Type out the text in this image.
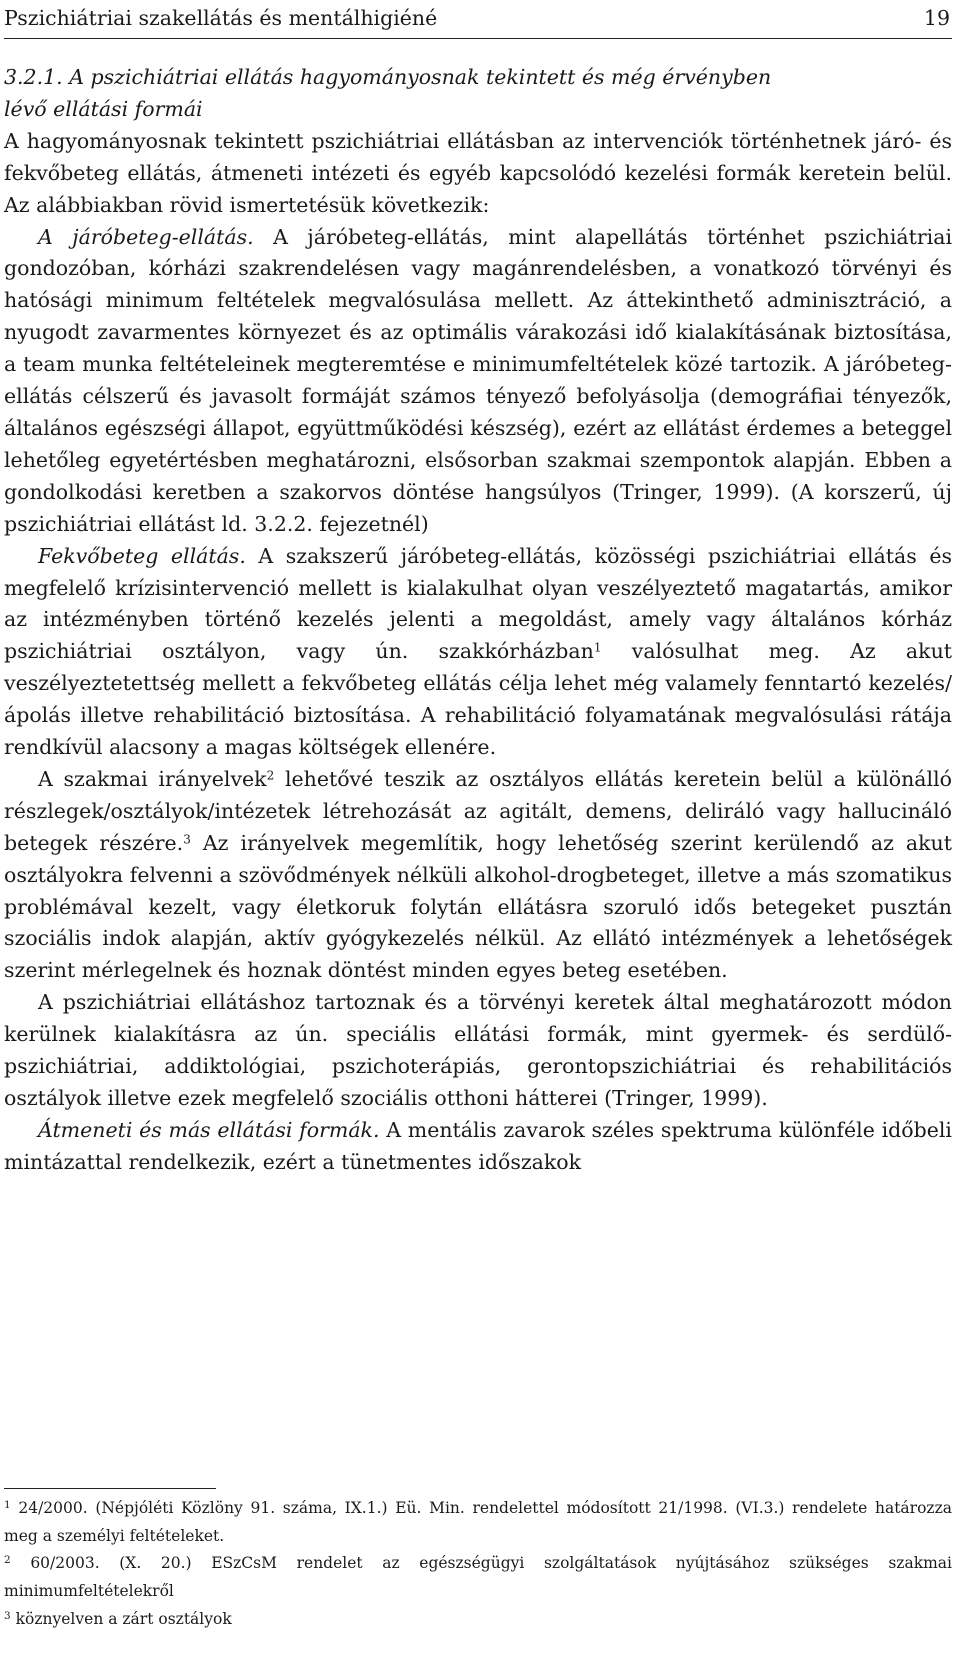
Pszichiátriai szakellátás és mentálhigiéné	19

3.2.1. A pszichiátriai ellátás hagyományosnak tekintett és még érvényben
lévő ellátási formái

A hagyományosnak tekintett pszichiátriai ellátásban az intervenciók történhetnek járó- és fekvőbeteg ellátás, átmeneti intézeti és egyéb kapcsolódó kezelési formák keretein belül. Az alábbiakban rövid ismertetésük következik:

A járóbeteg-ellátás. A járóbeteg-ellátás, mint alapellátás történhet pszichiátriai gondozóban, kórházi szakrendelésen vagy magánrendelésben, a vonatkozó törvényi és hatósági minimum feltételek megvalósulása mellett. Az áttekinthető adminisztráció, a nyugodt zavarmentes környezet és az optimális várakozási idő kialakításának biztosítása, a team munka feltételeinek megteremtése e minimumfeltételek közé tartozik. A járóbeteg-ellátás célszerű és javasolt formáját számos tényező befolyásolja (demográfiai tényezők, általános egészségi állapot, együttműködési készség), ezért az ellátást érdemes a beteggel lehetőleg egyetértésben meghatározni, elsősorban szakmai szempontok alapján. Ebben a gondolkodási keretben a szakorvos döntése hangsúlyos (Tringer, 1999). (A korszerű, új pszichiátriai ellátást ld. 3.2.2. fejezetnél)

Fekvőbeteg ellátás. A szakszerű járóbeteg-ellátás, közösségi pszichiátriai ellátás és megfelelő krízisintervenció mellett is kialakulhat olyan veszélyeztető magatartás, amikor az intézményben történő kezelés jelenti a megoldást, amely vagy általános kórház pszichiátriai osztályon, vagy ún. szakkórházban$^1$ valósulhat meg. Az akut veszélyeztetettség mellett a fekvőbeteg ellátás célja lehet még valamely fenntartó kezelés/ápolás illetve rehabilitáció biztosítása. A rehabilitáció folyamatának megvalósulási rátája rendkívül alacsony a magas költségek ellenére.

A szakmai irányelvek$^2$ lehetővé teszik az osztályos ellátás keretein belül a különálló részlegek/osztályok/intézetek létrehozását az agitált, demens, deliráló vagy hallucináló betegek részére.$^3$ Az irányelvek megemlítik, hogy lehetőség szerint kerülendő az akut osztályokra felvenni a szövődmények nélküli alkohol-drogbeteget, illetve a más szomatikus problémával kezelt, vagy életkoruk folytán ellátásra szoruló idős betegeket pusztán szociális indok alapján, aktív gyógykezelés nélkül. Az ellátó intézmények a lehetőségek szerint mérlegelnek és hoznak döntést minden egyes beteg esetében.

A pszichiátriai ellátáshoz tartoznak és a törvényi keretek által meghatározott módon kerülnek kialakításra az ún. speciális ellátási formák, mint gyermek- és serdülő-pszichiátriai, addiktológiai, pszichoterápiás, gerontopszichiátriai és rehabilitációs osztályok illetve ezek megfelelő szociális otthoni hátterei (Tringer, 1999).

Átmeneti és más ellátási formák. A mentális zavarok széles spektruma különféle időbeli mintázattal rendelkezik, ezért a tünetmentes időszakok

$^1$ 24/2000. (Népjóléti Közlöny 91. száma, IX.1.) Eü. Min. rendelettel módosított 21/1998. (VI.3.) rendelete határozza meg a személyi feltételeket.

$^2$ 60/2003. (X. 20.) ESzCsM rendelet az egészségügyi szolgáltatások nyújtásához szükséges szakmai minimumfeltételekről

$^3$ köznyelven a zárt osztályok
